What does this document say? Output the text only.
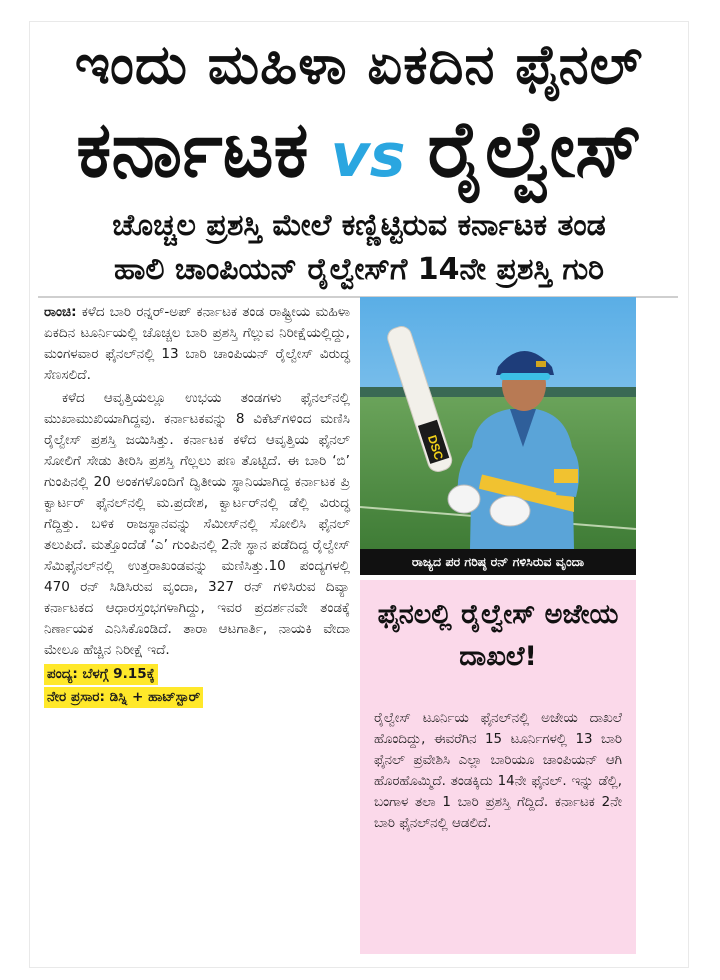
ಇಂದು ಮಹಿಳಾ ಏಕದಿನ ಫೈನಲ್
ಕರ್ನಾಟಕ vs ರೈಲ್ವೇಸ್
ಚೊಚ್ಚಲ ಪ್ರಶಸ್ತಿ ಮೇಲೆ ಕಣ್ಣಿಟ್ಟಿರುವ ಕರ್ನಾಟಕ ತಂಡ
ಹಾಲಿ ಚಾಂಪಿಯನ್ ರೈಲ್ವೇಸ್‌ಗೆ 14ನೇ ಪ್ರಶಸ್ತಿ ಗುರಿ

ರಾಂಚಿ: ಕಳೆದ ಬಾರಿ ರನ್ನರ್‌-ಅಪ್‌ ಕರ್ನಾಟಕ ತಂಡ ರಾಷ್ಟ್ರೀಯ ಮಹಿಳಾ ಏಕದಿನ ಟೂರ್ನಿಯಲ್ಲಿ ಚೊಚ್ಚಲ ಬಾರಿ ಪ್ರಶಸ್ತಿ ಗೆಲ್ಲುವ ನಿರೀಕ್ಷೆಯಲ್ಲಿದ್ದು, ಮಂಗಳವಾರ ಫೈನಲ್‌ನಲ್ಲಿ 13 ಬಾರಿ ಚಾಂಪಿಯನ್‌ ರೈಲ್ವೇಸ್‌ ವಿರುದ್ಧ ಸೆಣಸಲಿದೆ.

ಕಳೆದ ಆವೃತ್ತಿಯಲ್ಲೂ ಉಭಯ ತಂಡಗಳು ಫೈನಲ್‌ನಲ್ಲಿ ಮುಖಾಮುಖಿಯಾಗಿದ್ದವು. ಕರ್ನಾಟಕವನ್ನು 8 ವಿಕೆಟ್‌ಗಳಿಂದ ಮಣಿಸಿ ರೈಲ್ವೇಸ್‌ ಪ್ರಶಸ್ತಿ ಜಯಿಸಿತ್ತು. ಕರ್ನಾಟಕ ಕಳೆದ ಆವೃತ್ತಿಯ ಫೈನಲ್‌ ಸೋಲಿಗೆ ಸೇಡು ತೀರಿಸಿ ಪ್ರಶಸ್ತಿ ಗೆಲ್ಲಲು ಪಣ ತೊಟ್ಟಿದೆ. ಈ ಬಾರಿ ‘ಬಿ’ ಗುಂಪಿನಲ್ಲಿ 20 ಅಂಕಗಳೊಂದಿಗೆ ದ್ವಿತೀಯ ಸ್ಥಾನಿಯಾಗಿದ್ದ ಕರ್ನಾಟಕ ಪ್ರಿ ಕ್ವಾರ್ಟರ್‌ ಫೈನಲ್‌ನಲ್ಲಿ ಮ.ಪ್ರದೇಶ, ಕ್ವಾರ್ಟರ್‌ನಲ್ಲಿ ಡೆಲ್ಲಿ ವಿರುದ್ಧ ಗೆದ್ದಿತ್ತು. ಬಳಿಕ ರಾಜಸ್ಥಾನವನ್ನು ಸೆಮೀಸ್‌ನಲ್ಲಿ ಸೋಲಿಸಿ ಫೈನಲ್‌ ತಲುಪಿದೆ. ಮತ್ತೊಂದೆಡೆ ‘ಎ’ ಗುಂಪಿನಲ್ಲಿ 2ನೇ ಸ್ಥಾನ ಪಡೆದಿದ್ದ ರೈಲ್ವೇಸ್‌ ಸೆಮಿಫೈನಲ್‌ನಲ್ಲಿ ಉತ್ತರಾಖಂಡವನ್ನು ಮಣಿಸಿತ್ತು.10 ಪಂದ್ಯಗಳಲ್ಲಿ 470 ರನ್‌ ಸಿಡಿಸಿರುವ ವೃಂದಾ, 327 ರನ್‌ ಗಳಿಸಿರುವ ದಿವ್ಯಾ ಕರ್ನಾಟಕದ ಆಧಾರಸ್ತಂಭಗಳಾಗಿದ್ದು, ಇವರ ಪ್ರದರ್ಶನವೇ ತಂಡಕ್ಕೆ ನಿರ್ಣಾಯಕ ಎನಿಸಿಕೊಂಡಿದೆ. ತಾರಾ ಆಟಗಾರ್ತಿ, ನಾಯಕಿ ವೇದಾ ಮೇಲೂ ಹೆಚ್ಚಿನ ನಿರೀಕ್ಷೆ ಇದೆ.

ಪಂದ್ಯ: ಬೆಳಗ್ಗೆ 9.15ಕ್ಕೆ
ನೇರ ಪ್ರಸಾರ: ಡಿಸ್ನಿ + ಹಾಟ್‌ಸ್ಟಾರ್‌
DSC
ರಾಜ್ಯದ ಪರ ಗರಿಷ್ಠ ರನ್ ಗಳಿಸಿರುವ ವೃಂದಾ
ಫೈನಲಲ್ಲಿ ರೈಲ್ವೇಸ್ ಅಜೇಯ ದಾಖಲೆ!
ರೈಲ್ವೇಸ್‌ ಟೂರ್ನಿಯ ಫೈನಲ್‌ನಲ್ಲಿ ಅಜೇಯ ದಾಖಲೆ ಹೊಂದಿದ್ದು, ಈವರೆಗಿನ 15 ಟೂರ್ನಿಗಳಲ್ಲಿ 13 ಬಾರಿ ಫೈನಲ್‌ ಪ್ರವೇಶಿಸಿ ಎಲ್ಲಾ ಬಾರಿಯೂ ಚಾಂಪಿಯನ್‌ ಆಗಿ ಹೊರಹೊಮ್ಮಿದೆ. ತಂಡಕ್ಕಿದು 14ನೇ ಫೈನಲ್‌. ಇನ್ನು ಡೆಲ್ಲಿ, ಬಂಗಾಳ ತಲಾ 1 ಬಾರಿ ಪ್ರಶಸ್ತಿ ಗೆದ್ದಿದೆ. ಕರ್ನಾಟಕ 2ನೇ ಬಾರಿ ಫೈನಲ್‌ನಲ್ಲಿ ಆಡಲಿದೆ.
